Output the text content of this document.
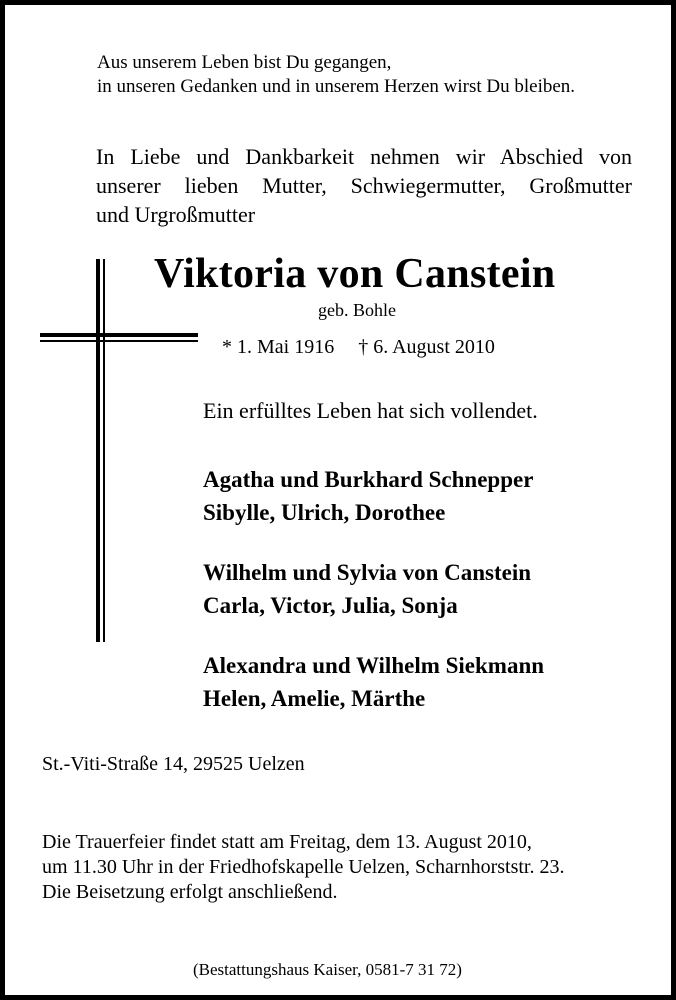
Aus unserem Leben bist Du gegangen,
in unseren Gedanken und in unserem Herzen wirst Du bleiben.
In Liebe und Dankbarkeit nehmen wir Abschied von
unserer lieben Mutter, Schwiegermutter, Großmutter
und Urgroßmutter
Viktoria von Canstein
geb. Bohle
* 1. Mai 1916 † 6. August 2010
Ein erfülltes Leben hat sich vollendet.
Agatha und Burkhard Schnepper
Sibylle, Ulrich, Dorothee
Wilhelm und Sylvia von Canstein
Carla, Victor, Julia, Sonja
Alexandra und Wilhelm Siekmann
Helen, Amelie, Märthe
St.-Viti-Straße 14, 29525 Uelzen
Die Trauerfeier findet statt am Freitag, dem 13. August 2010,
um 11.30 Uhr in der Friedhofskapelle Uelzen, Scharnhorststr. 23.
Die Beisetzung erfolgt anschließend.
(Bestattungshaus Kaiser, 0581-7 31 72)
